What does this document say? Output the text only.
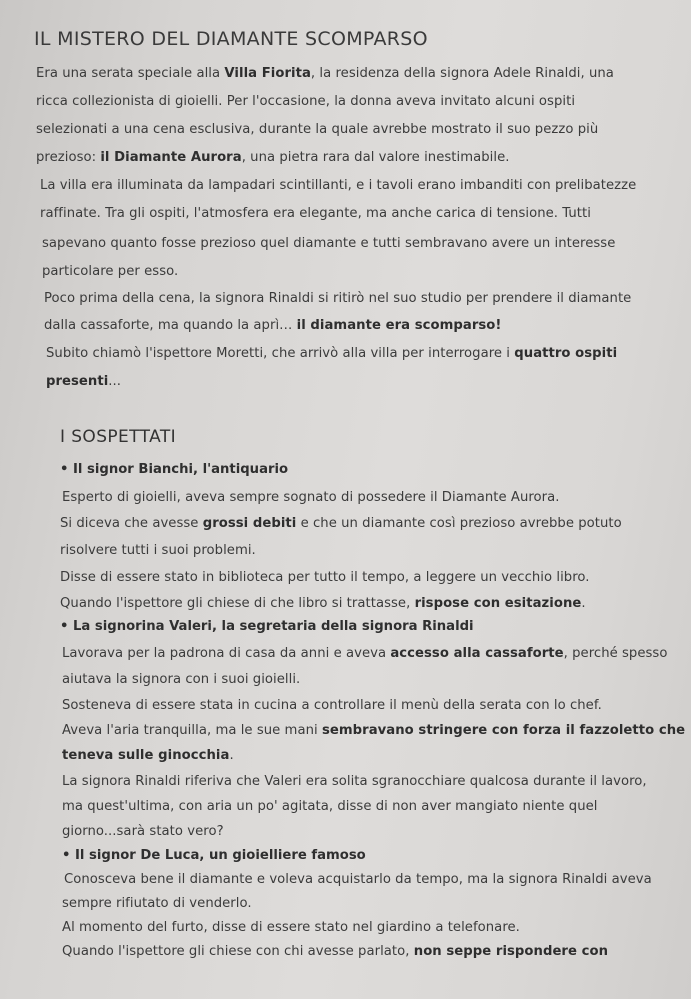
IL MISTERO DEL DIAMANTE SCOMPARSO
Era una serata speciale alla Villa Fiorita, la residenza della signora Adele Rinaldi, una
ricca collezionista di gioielli. Per l'occasione, la donna aveva invitato alcuni ospiti
selezionati a una cena esclusiva, durante la quale avrebbe mostrato il suo pezzo più
prezioso: il Diamante Aurora, una pietra rara dal valore inestimabile.
La villa era illuminata da lampadari scintillanti, e i tavoli erano imbanditi con prelibatezze
raffinate. Tra gli ospiti, l'atmosfera era elegante, ma anche carica di tensione. Tutti
sapevano quanto fosse prezioso quel diamante e tutti sembravano avere un interesse
particolare per esso.
Poco prima della cena, la signora Rinaldi si ritirò nel suo studio per prendere il diamante
dalla cassaforte, ma quando la aprì… il diamante era scomparso!
Subito chiamò l'ispettore Moretti, che arrivò alla villa per interrogare i quattro ospiti
presenti...
I SOSPETTATI
• Il signor Bianchi, l'antiquario
Esperto di gioielli, aveva sempre sognato di possedere il Diamante Aurora.
Si diceva che avesse grossi debiti e che un diamante così prezioso avrebbe potuto
risolvere tutti i suoi problemi.
Disse di essere stato in biblioteca per tutto il tempo, a leggere un vecchio libro.
Quando l'ispettore gli chiese di che libro si trattasse, rispose con esitazione.
• La signorina Valeri, la segretaria della signora Rinaldi
Lavorava per la padrona di casa da anni e aveva accesso alla cassaforte, perché spesso
aiutava la signora con i suoi gioielli.
Sosteneva di essere stata in cucina a controllare il menù della serata con lo chef.
Aveva l'aria tranquilla, ma le sue mani sembravano stringere con forza il fazzoletto che
teneva sulle ginocchia.
La signora Rinaldi riferiva che Valeri era solita sgranocchiare qualcosa durante il lavoro,
ma quest'ultima, con aria un po' agitata, disse di non aver mangiato niente quel
giorno...sarà stato vero?
• Il signor De Luca, un gioielliere famoso
Conosceva bene il diamante e voleva acquistarlo da tempo, ma la signora Rinaldi aveva
sempre rifiutato di venderlo.
Al momento del furto, disse di essere stato nel giardino a telefonare.
Quando l'ispettore gli chiese con chi avesse parlato, non seppe rispondere con
